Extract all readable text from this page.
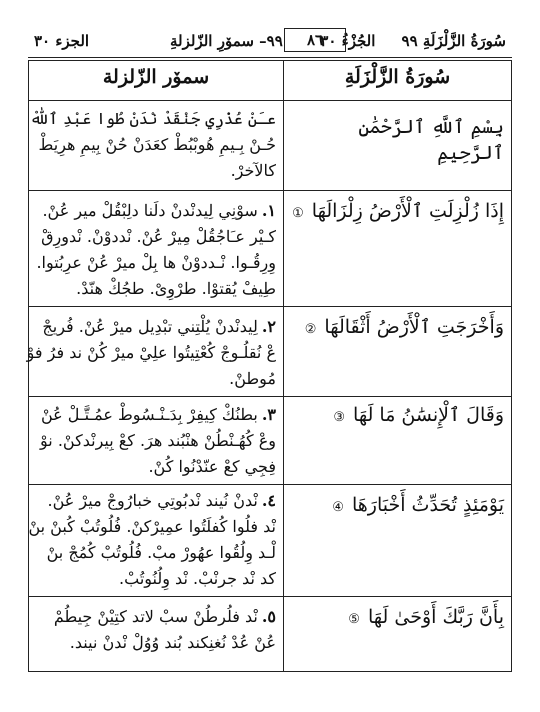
سُورَةُ الزَّلْزَلَةِ ٩٩     الجُزْءُ ٣٠
٩٩– سمۆرِ الزّلزلةِ
الجزء ٣٠	٨٦
سُورَةُ الزَّلْزَلَةِ
سمۆر الزّلزلة
بِسْمِ ٱللَّهِ ٱلرَّحْمَٰنِ ٱلرَّحِيمِ
عـَنْ عُذْرِي جَنْقَدْ نْدَنْ طُوا عَبْدِ ٱللّٰهْ
حُـنْ بِـيمِ هُوبْبُطْ كعَدَنْ حُنْ بِيمِ هرِيَطْ
كالآخرْ.
إِذَا زُلْزِلَتِ ٱلْأَرْضُ زِلْزَالَهَا ①
١.سوْنِي لِيدنْدنْ دلَنا دلِبْقُلْ مير عُنْ.
كـيْر عـَاجُقُلْ مِيرْ عُنْ. نْددوْنْ. نْدورِقْ
وِرِقُـوا. نْـددوْنْ ها بِلْ ميرْ عُنْ عرِبُتوا.
طِيفْ يُقتوْا. طرْوِىْ. طجُكْ هنّدْ.
وَأَخْرَجَتِ ٱلْأَرْضُ أَثْقَالَهَا ②
٢.لِيدنْدنْ يُلْتِني تبْدِيل ميرْ عُنْ. فُريجْ
عْ نُقلُـوجْ كُعْتِيتُوا علِيْ ميرْ كُنْ ند فرُ فوْ
مُوطنْ.
وَقَالَ ٱلْإِنسَٰنُ مَا لَهَا ③
٣.بطنُكْ كِيفِرْ بِدَـنْـسُوطْ عمُـتَّـلْ عُنْ
وعْ كُهُـنْطُنْ هنْبُند هرَ. كعْ بِيرنْدكنْ. نوْ
فِجِي كعْ عنّدْنُوا كُنْ.
يَوْمَئِذٍ تُحَدِّثُ أَخْبَارَهَا ④
٤.نْدنْ نُيند نْدبُوتِي خبارُوجْ ميرْ عُنْ.
نْد فلُوا كُفلَتُوا عمِيرْكنْ. فُلُوتُبْ كُبنْ بنْ
لْـد وِلُقُوا عهُورْ مبْ. فُلُوتُبْ كُمُجْ بنْ
كد نْد جرنْبْ. نْد وِلُنُوتُبْ.
بِأَنَّ رَبَّكَ أَوْحَىٰ لَهَا ⑤
٥.نْد فلُرطُنْ سبْ لاتد كتِيْنْ جِيطُمْ
عُنْ عُدْ نُغنِكند بُند وُوُلْ نْدنْ نيند.
